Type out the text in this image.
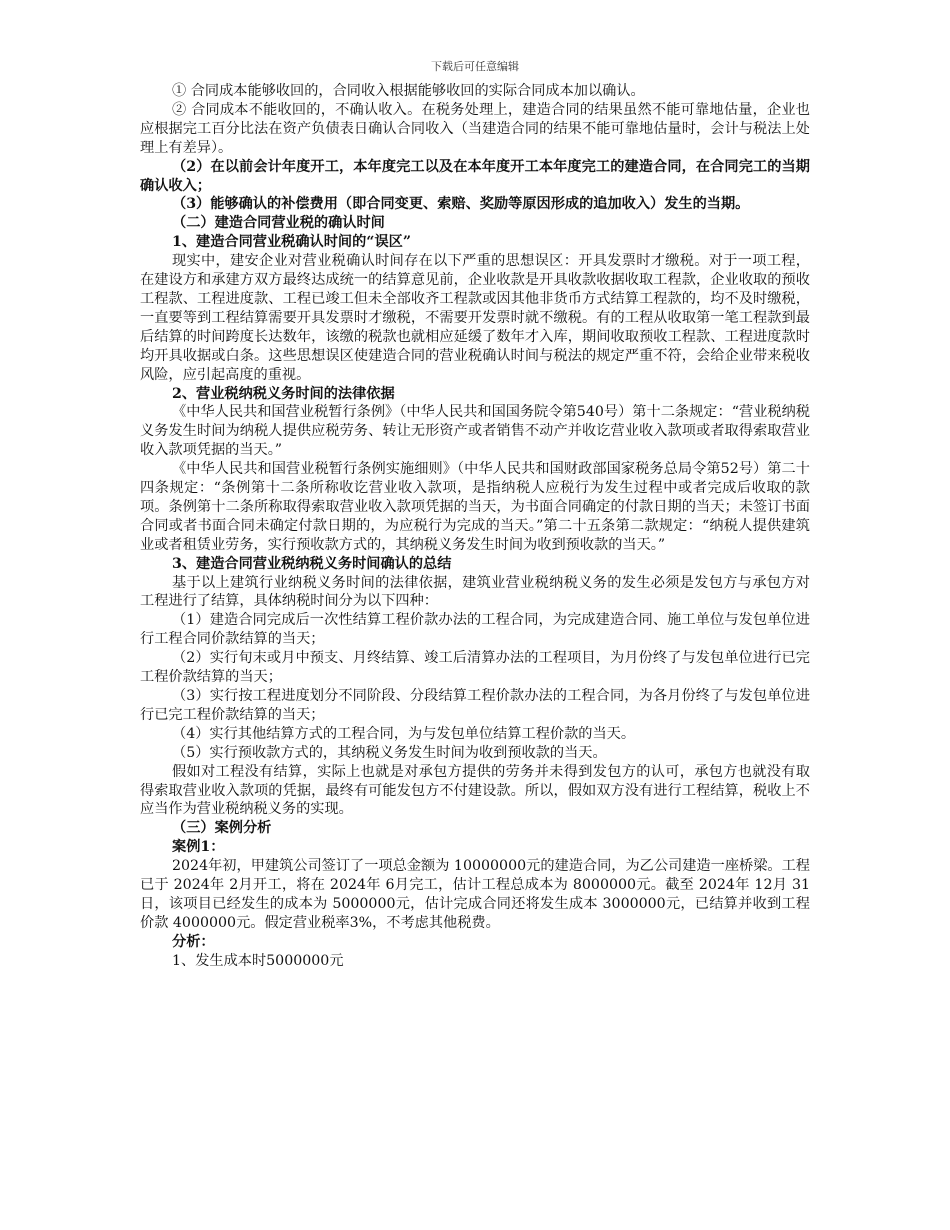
下载后可任意编辑

① 合同成本能够收回的，合同收入根据能够收回的实际合同成本加以确认。

② 合同成本不能收回的，不确认收入。在税务处理上，建造合同的结果虽然不能可靠地估量，企业也应根据完工百分比法在资产负债表日确认合同收入（当建造合同的结果不能可靠地估量时，会计与税法上处理上有差异）。

（2）在以前会计年度开工，本年度完工以及在本年度开工本年度完工的建造合同，在合同完工的当期确认收入；

（3）能够确认的补偿费用（即合同变更、索赔、奖励等原因形成的追加收入）发生的当期。

（二）建造合同营业税的确认时间

1、建造合同营业税确认时间的“误区”

现实中，建安企业对营业税确认时间存在以下严重的思想误区：开具发票时才缴税。对于一项工程，在建设方和承建方双方最终达成统一的结算意见前，企业收款是开具收款收据收取工程款，企业收取的预收工程款、工程进度款、工程已竣工但未全部收齐工程款或因其他非货币方式结算工程款的，均不及时缴税，一直要等到工程结算需要开具发票时才缴税，不需要开发票时就不缴税。有的工程从收取第一笔工程款到最后结算的时间跨度长达数年，该缴的税款也就相应延缓了数年才入库，期间收取预收工程款、工程进度款时均开具收据或白条。这些思想误区使建造合同的营业税确认时间与税法的规定严重不符，会给企业带来税收风险，应引起高度的重视。

2、营业税纳税义务时间的法律依据

《中华人民共和国营业税暂行条例》（中华人民共和国国务院令第540号）第十二条规定：“营业税纳税义务发生时间为纳税人提供应税劳务、转让无形资产或者销售不动产并收讫营业收入款项或者取得索取营业收入款项凭据的当天。”

《中华人民共和国营业税暂行条例实施细则》（中华人民共和国财政部国家税务总局令第52号）第二十四条规定：“条例第十二条所称收讫营业收入款项，是指纳税人应税行为发生过程中或者完成后收取的款项。条例第十二条所称取得索取营业收入款项凭据的当天，为书面合同确定的付款日期的当天；未签订书面合同或者书面合同未确定付款日期的，为应税行为完成的当天。”第二十五条第二款规定：“纳税人提供建筑业或者租赁业劳务，实行预收款方式的，其纳税义务发生时间为收到预收款的当天。”

3、建造合同营业税纳税义务时间确认的总结

基于以上建筑行业纳税义务时间的法律依据，建筑业营业税纳税义务的发生必须是发包方与承包方对工程进行了结算，具体纳税时间分为以下四种：

（1）建造合同完成后一次性结算工程价款办法的工程合同，为完成建造合同、施工单位与发包单位进行工程合同价款结算的当天；

（2）实行旬末或月中预支、月终结算、竣工后清算办法的工程项目，为月份终了与发包单位进行已完工程价款结算的当天；

（3）实行按工程进度划分不同阶段、分段结算工程价款办法的工程合同，为各月份终了与发包单位进行已完工程价款结算的当天；

（4）实行其他结算方式的工程合同，为与发包单位结算工程价款的当天。

（5）实行预收款方式的，其纳税义务发生时间为收到预收款的当天。

假如对工程没有结算，实际上也就是对承包方提供的劳务并未得到发包方的认可，承包方也就没有取得索取营业收入款项的凭据，最终有可能发包方不付建设款。所以，假如双方没有进行工程结算，税收上不应当作为营业税纳税义务的实现。

（三）案例分析

案例1：

2024年初，甲建筑公司签订了一项总金额为 10000000元的建造合同，为乙公司建造一座桥梁。工程已于 2024年 2月开工，将在 2024年 6月完工，估计工程总成本为 8000000元。截至 2024年 12月 31日，该项目已经发生的成本为 5000000元，估计完成合同还将发生成本 3000000元，已结算并收到工程价款 4000000元。假定营业税率3%，不考虑其他税费。

分析：

1、发生成本时5000000元
